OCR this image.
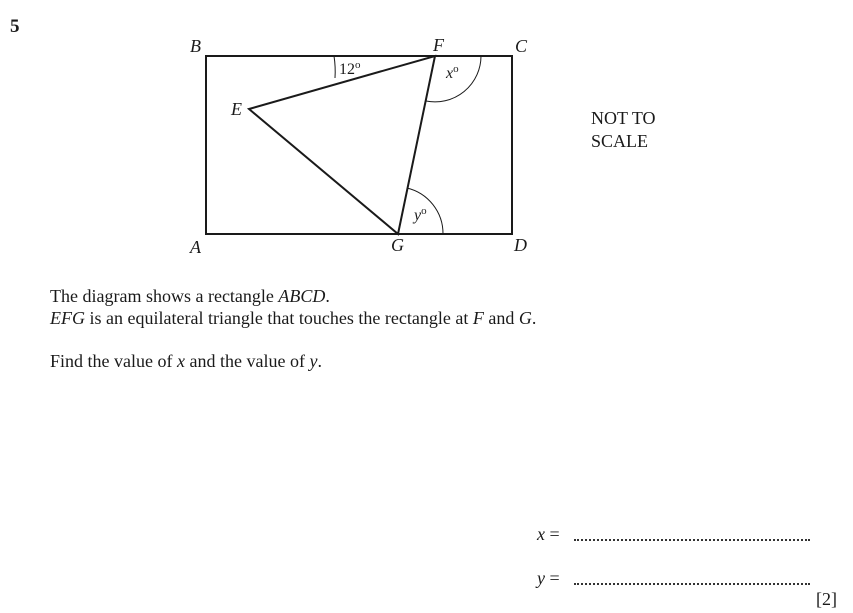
5
B	F	C
E
A	G	D
12$^o$	$x^o$
$y^o$
NOT TO
SCALE
The diagram shows a rectangle ABCD.
EFG is an equilateral triangle that touches the rectangle at F and G.
Find the value of x and the value of y.
x =
y =
[2]
